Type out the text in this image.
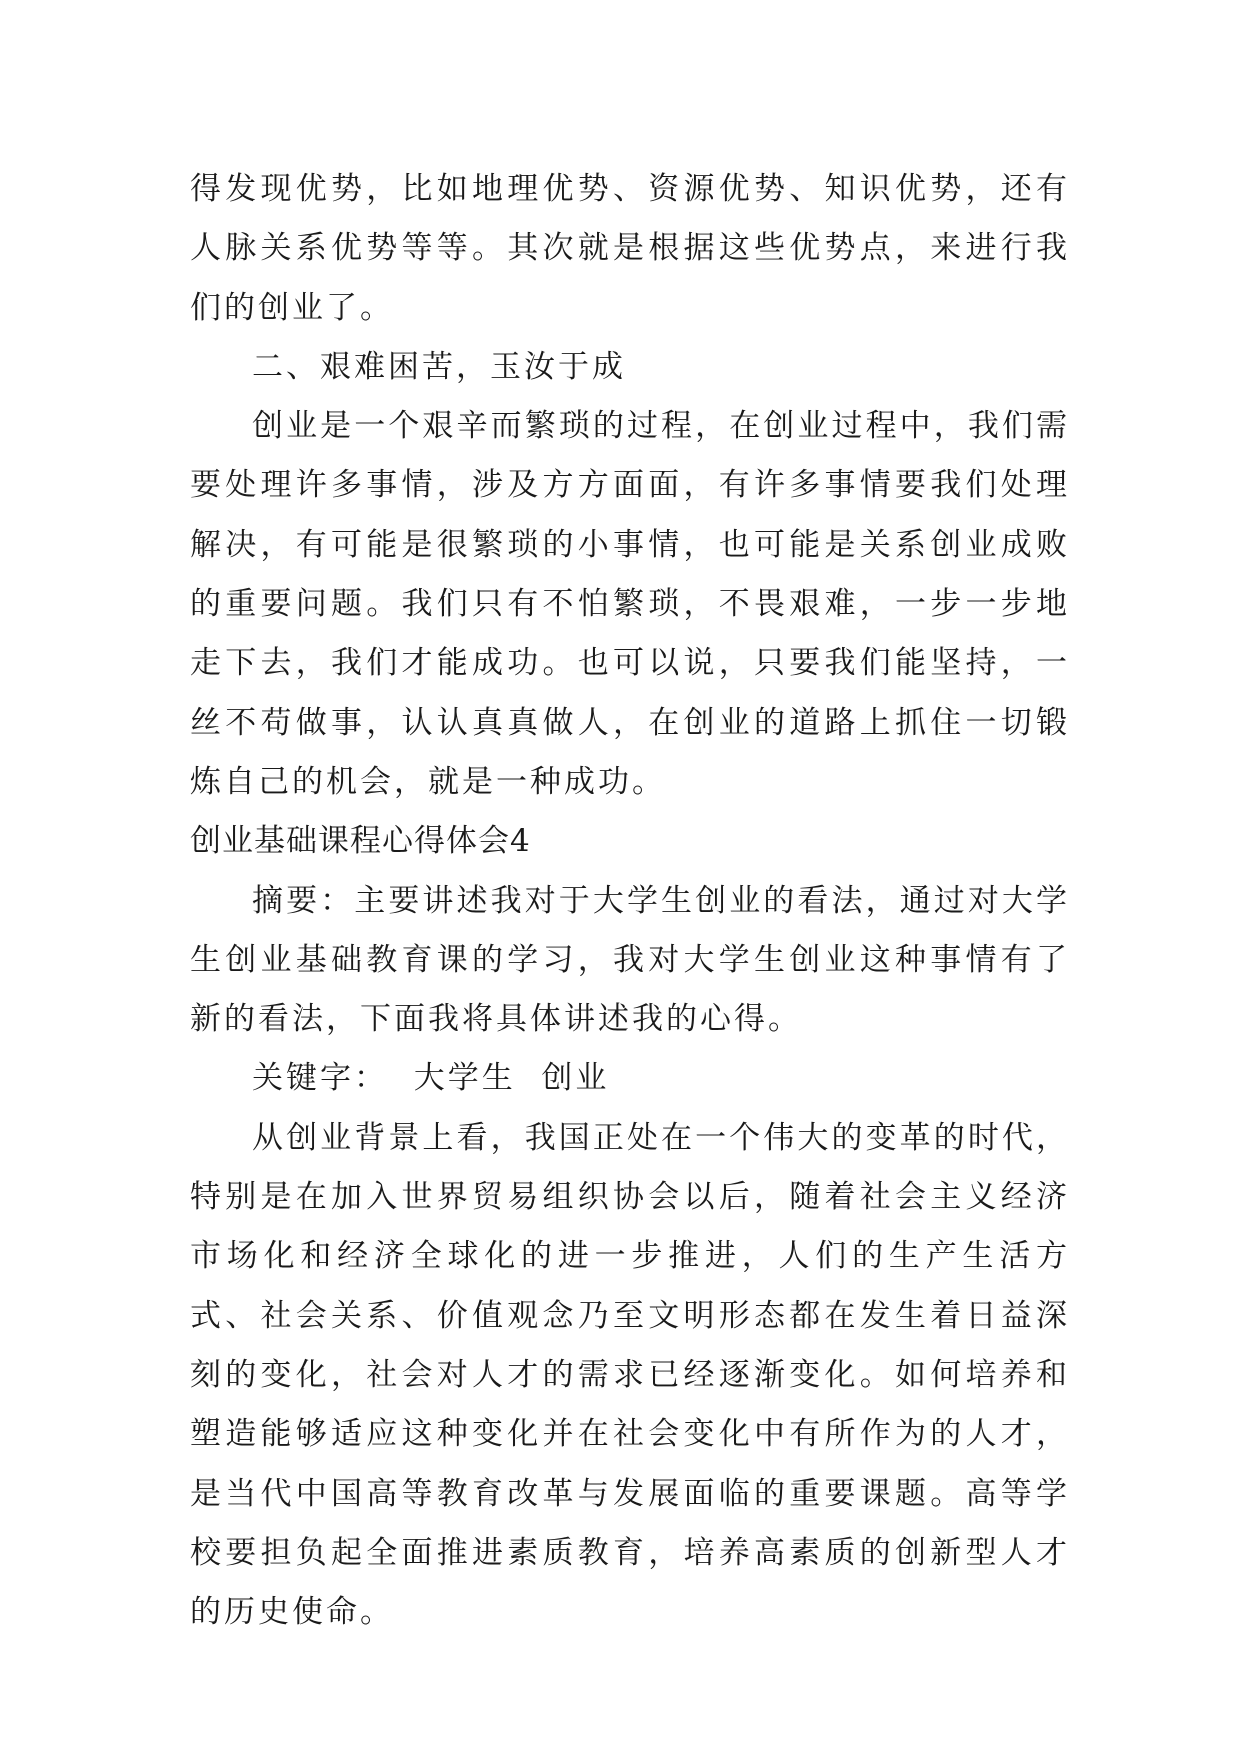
得发现优势，比如地理优势、资源优势、知识优势，还有人脉关系优势等等。其次就是根据这些优势点，来进行我们的创业了。

二、艰难困苦，玉汝于成

创业是一个艰辛而繁琐的过程，在创业过程中，我们需要处理许多事情，涉及方方面面，有许多事情要我们处理解决，有可能是很繁琐的小事情，也可能是关系创业成败的重要问题。我们只有不怕繁琐，不畏艰难，一步一步地走下去，我们才能成功。也可以说，只要我们能坚持，一丝不苟做事，认认真真做人，在创业的道路上抓住一切锻炼自己的机会，就是一种成功。

创业基础课程心得体会4

摘要：主要讲述我对于大学生创业的看法，通过对大学生创业基础教育课的学习，我对大学生创业这种事情有了新的看法，下面我将具体讲述我的心得。

关键字：  大学生  创业

从创业背景上看，我国正处在一个伟大的变革的时代，特别是在加入世界贸易组织协会以后，随着社会主义经济市场化和经济全球化的进一步推进，人们的生产生活方式、社会关系、价值观念乃至文明形态都在发生着日益深刻的变化，社会对人才的需求已经逐渐变化。如何培养和塑造能够适应这种变化并在社会变化中有所作为的人才，是当代中国高等教育改革与发展面临的重要课题。高等学校要担负起全面推进素质教育，培养高素质的创新型人才的历史使命。
